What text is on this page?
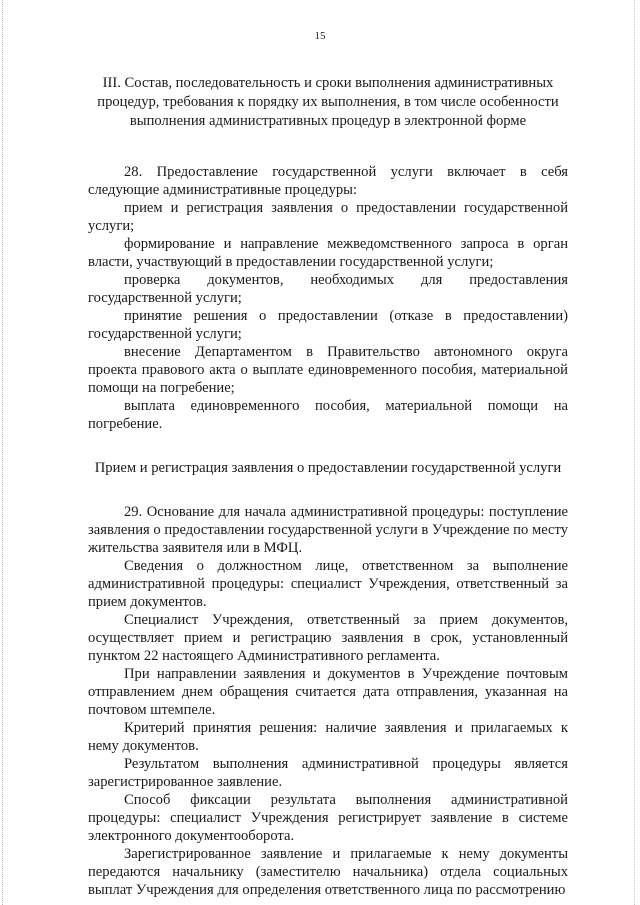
15
III. Состав, последовательность и сроки выполнения административных
процедур, требования к порядку их выполнения, в том числе особенности
выполнения административных процедур в электронной форме

28. Предоставление государственной услуги включает в себя следующие административные процедуры:

прием и регистрация заявления о предоставлении государственной услуги;

формирование и направление межведомственного запроса в орган власти, участвующий в предоставлении государственной услуги;

проверка документов, необходимых для предоставления государственной услуги;

принятие решения о предоставлении (отказе в предоставлении) государственной услуги;

внесение Департаментом в Правительство автономного округа проекта правового акта о выплате единовременного пособия, материальной помощи на погребение;

выплата единовременного пособия, материальной помощи на погребение.

Прием и регистрация заявления о предоставлении государственной услуги

29. Основание для начала административной процедуры: поступление заявления о предоставлении государственной услуги в Учреждение по месту жительства заявителя или в МФЦ.

Сведения о должностном лице, ответственном за выполнение административной процедуры: специалист Учреждения, ответственный за прием документов.

Специалист Учреждения, ответственный за прием документов, осуществляет прием и регистрацию заявления в срок, установленный пунктом 22 настоящего Административного регламента.

При направлении заявления и документов в Учреждение почтовым отправлением днем обращения считается дата отправления, указанная на почтовом штемпеле.

Критерий принятия решения: наличие заявления и прилагаемых к нему документов.

Результатом выполнения административной процедуры является зарегистрированное заявление.

Способ фиксации результата выполнения административной процедуры: специалист Учреждения регистрирует заявление в системе электронного документооборота.

Зарегистрированное заявление и прилагаемые к нему документы передаются начальнику (заместителю начальника) отдела социальных выплат Учреждения для определения ответственного лица по рассмотрению
